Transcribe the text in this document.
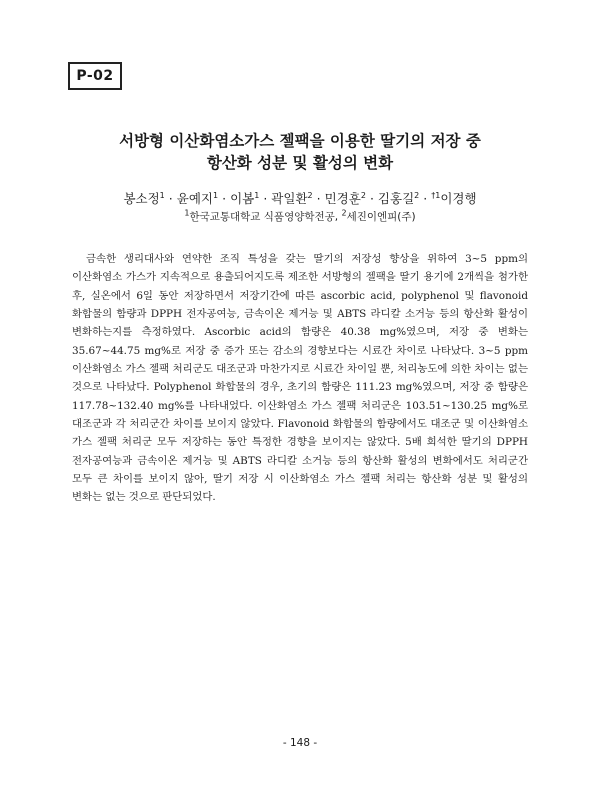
P-02
서방형 이산화염소가스 젤팩을 이용한 딸기의 저장 중
항산화 성분 및 활성의 변화
봉소정$^1$ · 윤예지$^1$ · 이봄$^1$ · 곽일환$^2$ · 민경훈$^2$ · 김홍길$^2$ · $^{\dagger 1}$이경행
$^1$한국교통대학교 식품영양학전공, $^2$세진이엔피(주)

금속한 생리대사와 연약한 조직 특성을 갖는 딸기의 저장성 향상을 위하여 3~5 ppm의 이산화염소 가스가 지속적으로 용출되어지도록 제조한 서방형의 젤팩을 딸기 용기에 2개씩을 첨가한 후, 실온에서 6일 동안 저장하면서 저장기간에 따른 ascorbic acid, polyphenol 및 flavonoid 화합물의 함량과 DPPH 전자공여능, 금속이온 제거능 및 ABTS 라디칼 소거능 등의 항산화 활성이 변화하는지를 측정하였다. Ascorbic acid의 함량은 40.38 mg%였으며, 저장 중 변화는 35.67~44.75 mg%로 저장 중 증가 또는 감소의 경향보다는 시료간 차이로 나타났다. 3~5 ppm 이산화염소 가스 젤팩 처리군도 대조군과 마찬가지로 시료간 차이일 뿐, 처리농도에 의한 차이는 없는 것으로 나타났다. Polyphenol 화합물의 경우, 초기의 함량은 111.23 mg%였으며, 저장 중 함량은 117.78~132.40 mg%를 나타내었다. 이산화염소 가스 젤팩 처리군은 103.51~130.25 mg%로 대조군과 각 처리군간 차이를 보이지 않았다. Flavonoid 화합물의 함량에서도 대조군 및 이산화염소 가스 젤팩 처리군 모두 저장하는 동안 특정한 경향을 보이지는 않았다. 5배 희석한 딸기의 DPPH 전자공여능과 금속이온 제거능 및 ABTS 라디칼 소거능 등의 항산화 활성의 변화에서도 처리군간 모두 큰 차이를 보이지 않아, 딸기 저장 시 이산화염소 가스 젤팩 처리는 항산화 성분 및 활성의 변화는 없는 것으로 판단되었다.

- 148 -
